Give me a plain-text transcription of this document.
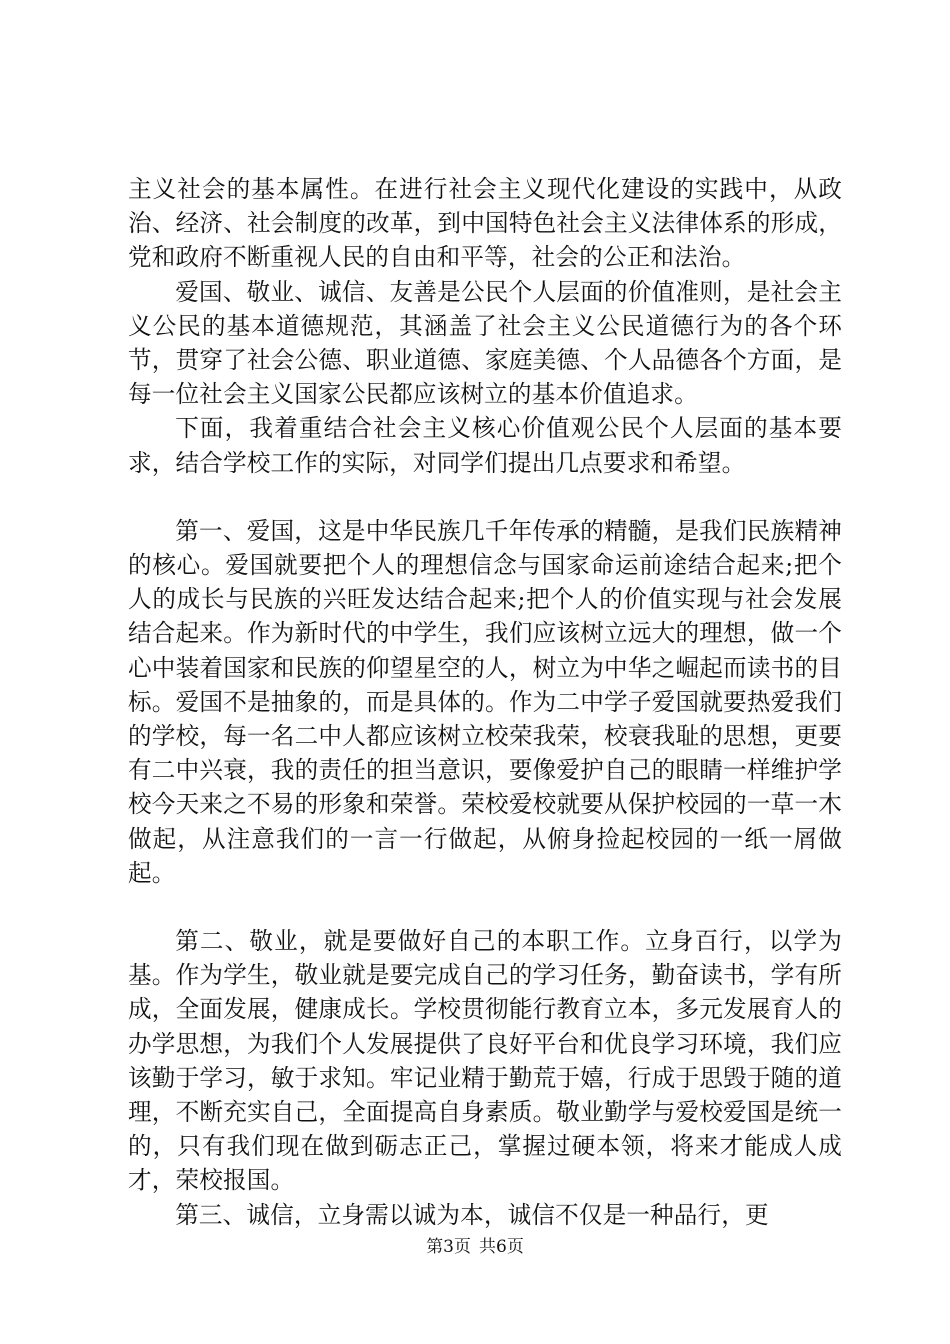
主义社会的基本属性。在进行社会主义现代化建设的实践中，从政治、经济、社会制度的改革，到中国特色社会主义法律体系的形成，党和政府不断重视人民的自由和平等，社会的公正和法治。

爱国、敬业、诚信、友善是公民个人层面的价值准则，是社会主义公民的基本道德规范，其涵盖了社会主义公民道德行为的各个环节，贯穿了社会公德、职业道德、家庭美德、个人品德各个方面，是每一位社会主义国家公民都应该树立的基本价值追求。

下面，我着重结合社会主义核心价值观公民个人层面的基本要求，结合学校工作的实际，对同学们提出几点要求和希望。

第一、爱国，这是中华民族几千年传承的精髓，是我们民族精神的核心。爱国就要把个人的理想信念与国家命运前途结合起来;把个人的成长与民族的兴旺发达结合起来;把个人的价值实现与社会发展结合起来。作为新时代的中学生，我们应该树立远大的理想，做一个心中装着国家和民族的仰望星空的人，树立为中华之崛起而读书的目标。爱国不是抽象的，而是具体的。作为二中学子爱国就要热爱我们的学校，每一名二中人都应该树立校荣我荣，校衰我耻的思想，更要有二中兴衰，我的责任的担当意识，要像爱护自己的眼睛一样维护学校今天来之不易的形象和荣誉。荣校爱校就要从保护校园的一草一木做起，从注意我们的一言一行做起，从俯身捡起校园的一纸一屑做起。

第二、敬业，就是要做好自己的本职工作。立身百行，以学为基。作为学生，敬业就是要完成自己的学习任务，勤奋读书，学有所成，全面发展，健康成长。学校贯彻能行教育立本，多元发展育人的办学思想，为我们个人发展提供了良好平台和优良学习环境，我们应该勤于学习，敏于求知。牢记业精于勤荒于嬉，行成于思毁于随的道理，不断充实自己，全面提高自身素质。敬业勤学与爱校爱国是统一的，只有我们现在做到砺志正己，掌握过硬本领，将来才能成人成才，荣校报国。

第三、诚信，立身需以诚为本，诚信不仅是一种品行，更

第3页 共6页
